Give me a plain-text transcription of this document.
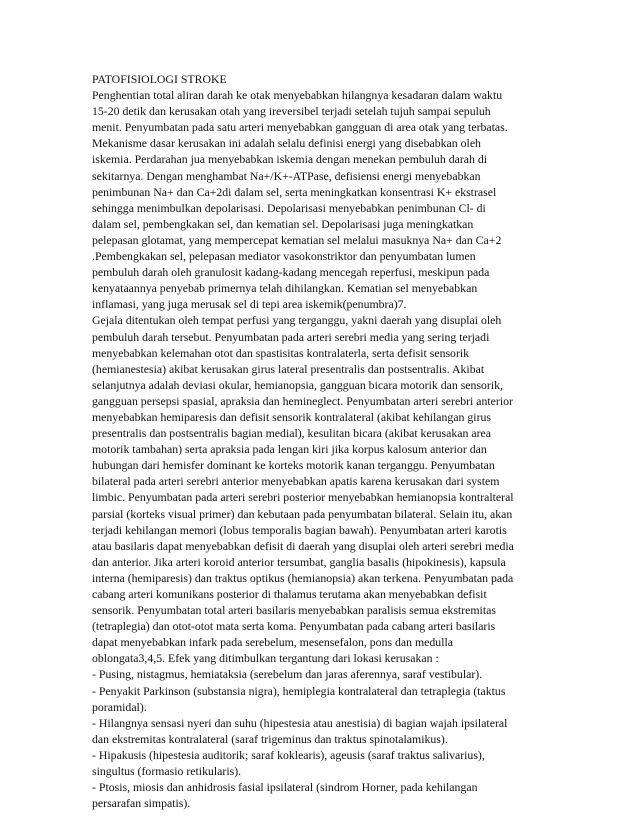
PATOFISIOLOGI STROKE
Penghentian total aliran darah ke otak menyebabkan hilangnya kesadaran dalam waktu
15-20 detik dan kerusakan otah yang ireversibel terjadi setelah tujuh sampai sepuluh
menit. Penyumbatan pada satu arteri menyebabkan gangguan di area otak yang terbatas.
Mekanisme dasar kerusakan ini adalah selalu definisi energi yang disebabkan oleh
iskemia. Perdarahan jua menyebabkan iskemia dengan menekan pembuluh darah di
sekitarnya. Dengan menghambat Na+/K+-ATPase, defisiensi energi menyebabkan
penimbunan Na+ dan Ca+2di dalam sel, serta meningkatkan konsentrasi K+ ekstrasel
sehingga menimbulkan depolarisasi. Depolarisasi menyebabkan penimbunan Cl- di
dalam sel, pembengkakan sel, dan kematian sel. Depolarisasi juga meningkatkan
pelepasan glotamat, yang mempercepat kematian sel melalui masuknya Na+ dan Ca+2
.Pembengkakan sel, pelepasan mediator vasokonstriktor dan penyumbatan lumen
pembuluh darah oleh granulosit kadang-kadang mencegah reperfusi, meskipun pada
kenyataannya penyebab primernya telah dihilangkan. Kematian sel menyebabkan
inflamasi, yang juga merusak sel di tepi area iskemik(penumbra)7.
Gejala ditentukan oleh tempat perfusi yang terganggu, yakni daerah yang disuplai oleh
pembuluh darah tersebut. Penyumbatan pada arteri serebri media yang sering terjadi
menyebabkan kelemahan otot dan spastisitas kontralaterla, serta defisit sensorik
(hemianestesia) akibat kerusakan girus lateral presentralis dan postsentralis. Akibat
selanjutnya adalah deviasi okular, hemianopsia, gangguan bicara motorik dan sensorik,
gangguan persepsi spasial, apraksia dan hemineglect. Penyumbatan arteri serebri anterior
menyebabkan hemiparesis dan defisit sensorik kontralateral (akibat kehilangan girus
presentralis dan postsentralis bagian medial), kesulitan bicara (akibat kerusakan area
motorik tambahan) serta apraksia pada lengan kiri jika korpus kalosum anterior dan
hubungan dari hemisfer dominant ke korteks motorik kanan terganggu. Penyumbatan
bilateral pada arteri serebri anterior menyebabkan apatis karena kerusakan dari system
limbic. Penyumbatan pada arteri serebri posterior menyebabkan hemianopsia kontralteral
parsial (korteks visual primer) dan kebutaan pada penyumbatan bilateral. Selain itu, akan
terjadi kehilangan memori (lobus temporalis bagian bawah). Penyumbatan arteri karotis
atau basilaris dapat menyebabkan defisit di daerah yang disuplai oleh arteri serebri media
dan anterior. Jika arteri koroid anterior tersumbat, ganglia basalis (hipokinesis), kapsula
interna (hemiparesis) dan traktus optikus (hemianopsia) akan terkena. Penyumbatan pada
cabang arteri komunikans posterior di thalamus terutama akan menyebabkan defisit
sensorik. Penyumbatan total arteri basilaris menyebabkan paralisis semua ekstremitas
(tetraplegia) dan otot-otot mata serta koma. Penyumbatan pada cabang arteri basilaris
dapat menyebabkan infark pada serebelum, mesensefalon, pons dan medulla
oblongata3,4,5. Efek yang ditimbulkan tergantung dari lokasi kerusakan :
- Pusing, nistagmus, hemiataksia (serebelum dan jaras aferennya, saraf vestibular).
- Penyakit Parkinson (substansia nigra), hemiplegia kontralateral dan tetraplegia (taktus
poramidal).
- Hilangnya sensasi nyeri dan suhu (hipestesia atau anestisia) di bagian wajah ipsilateral
dan ekstremitas kontralateral (saraf trigeminus dan traktus spinotalamikus).
- Hipakusis (hipestesia auditorik; saraf koklearis), ageusis (saraf traktus salivarius),
singultus (formasio retikularis).
- Ptosis, miosis dan anhidrosis fasial ipsilateral (sindrom Horner, pada kehilangan
persarafan simpatis).
